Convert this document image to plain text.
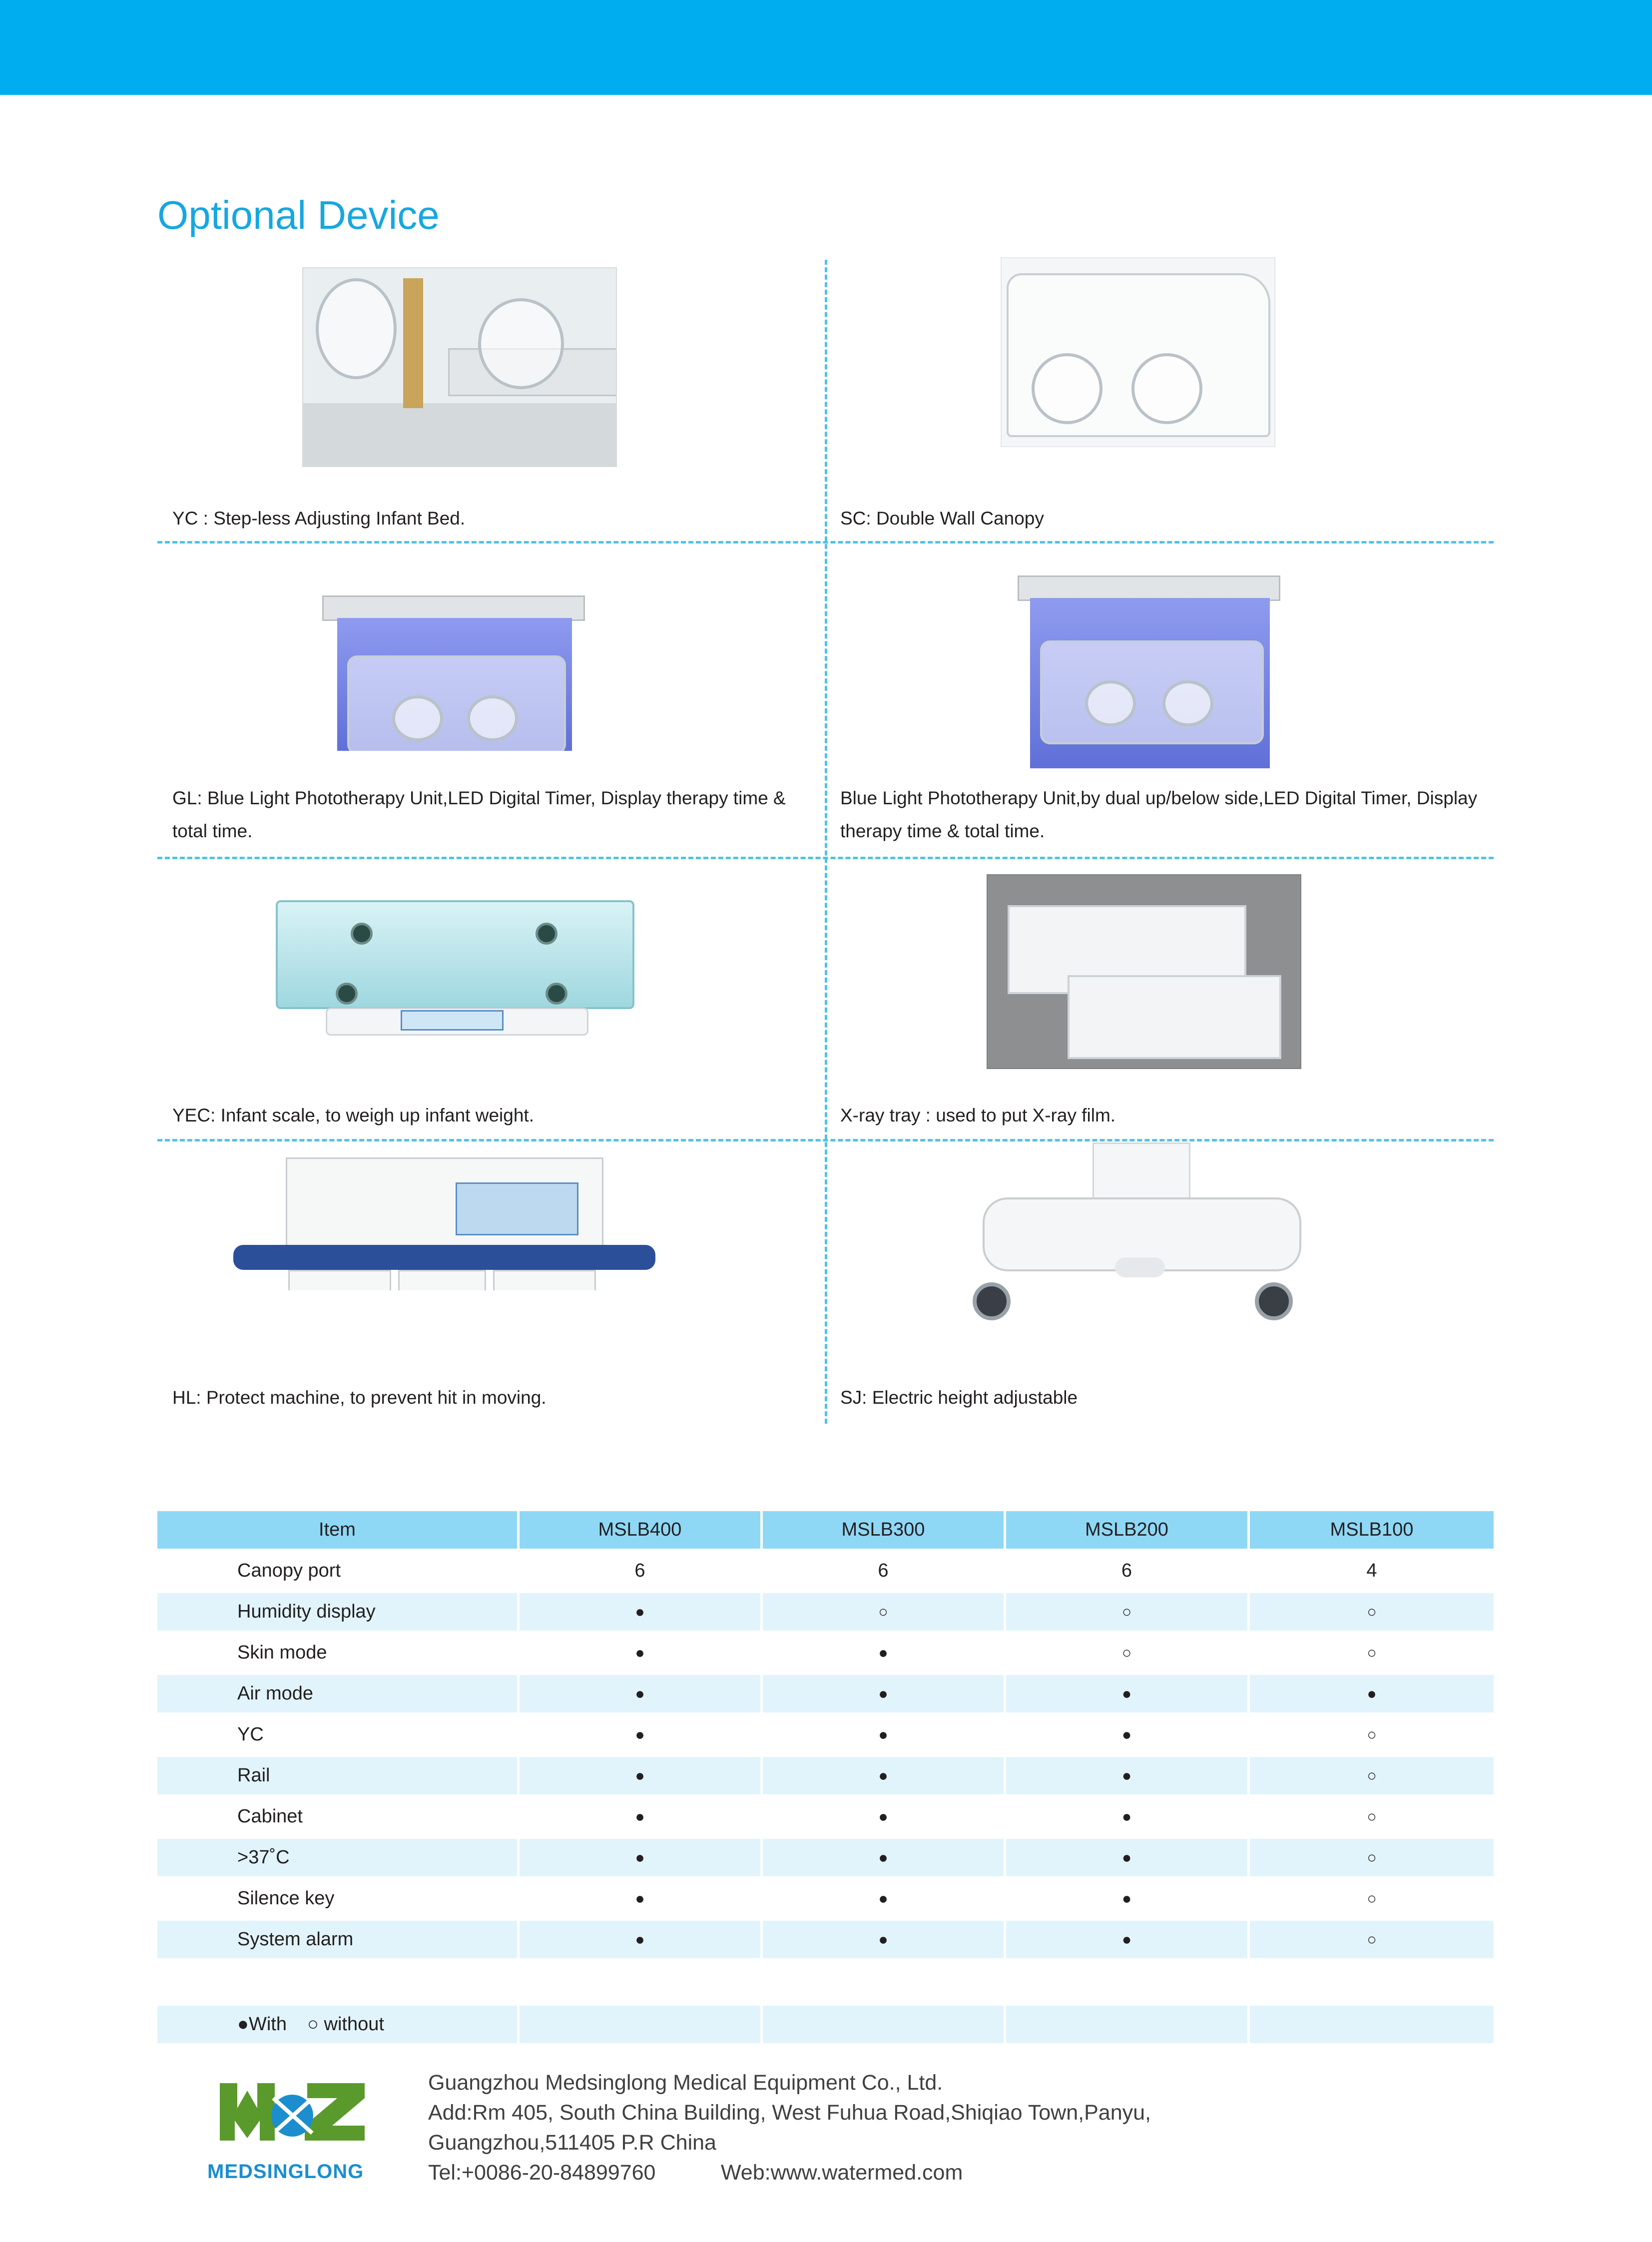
Optional Device
YC : Step-less Adjusting Infant Bed.	SC: Double Wall Canopy
GL: Blue Light Phototherapy Unit,LED Digital Timer, Display therapy time &
total time.
Blue Light Phototherapy Unit,by dual up/below side,LED Digital Timer, Display
therapy time & total time.
YEC: Infant scale, to weigh up infant weight.	X-ray tray : used to put X-ray film.
HL: Protect machine, to prevent hit in moving.	SJ: Electric height adjustable
Item	MSLB400	MSLB300	MSLB200	MSLB100
Canopy port	6	6	6	4
Humidity display	●	○	○	○
Skin mode	●	●	○	○
Air mode	●	●	●	●
YC	●	●	●	○
Rail	●	●	●	○
Cabinet	●	●	●	○
>37˚C	●	●	●	○
Silence key	●	●	●	○
System alarm	●	●	●	○
●With ○ without
MEDSINGLONG
Guangzhou Medsinglong Medical Equipment Co., Ltd.
Add:Rm 405, South China Building, West Fuhua Road,Shiqiao Town,Panyu,
Guangzhou,511405 P.R China
Tel:+0086-20-84899760	Web:www.watermed.com
